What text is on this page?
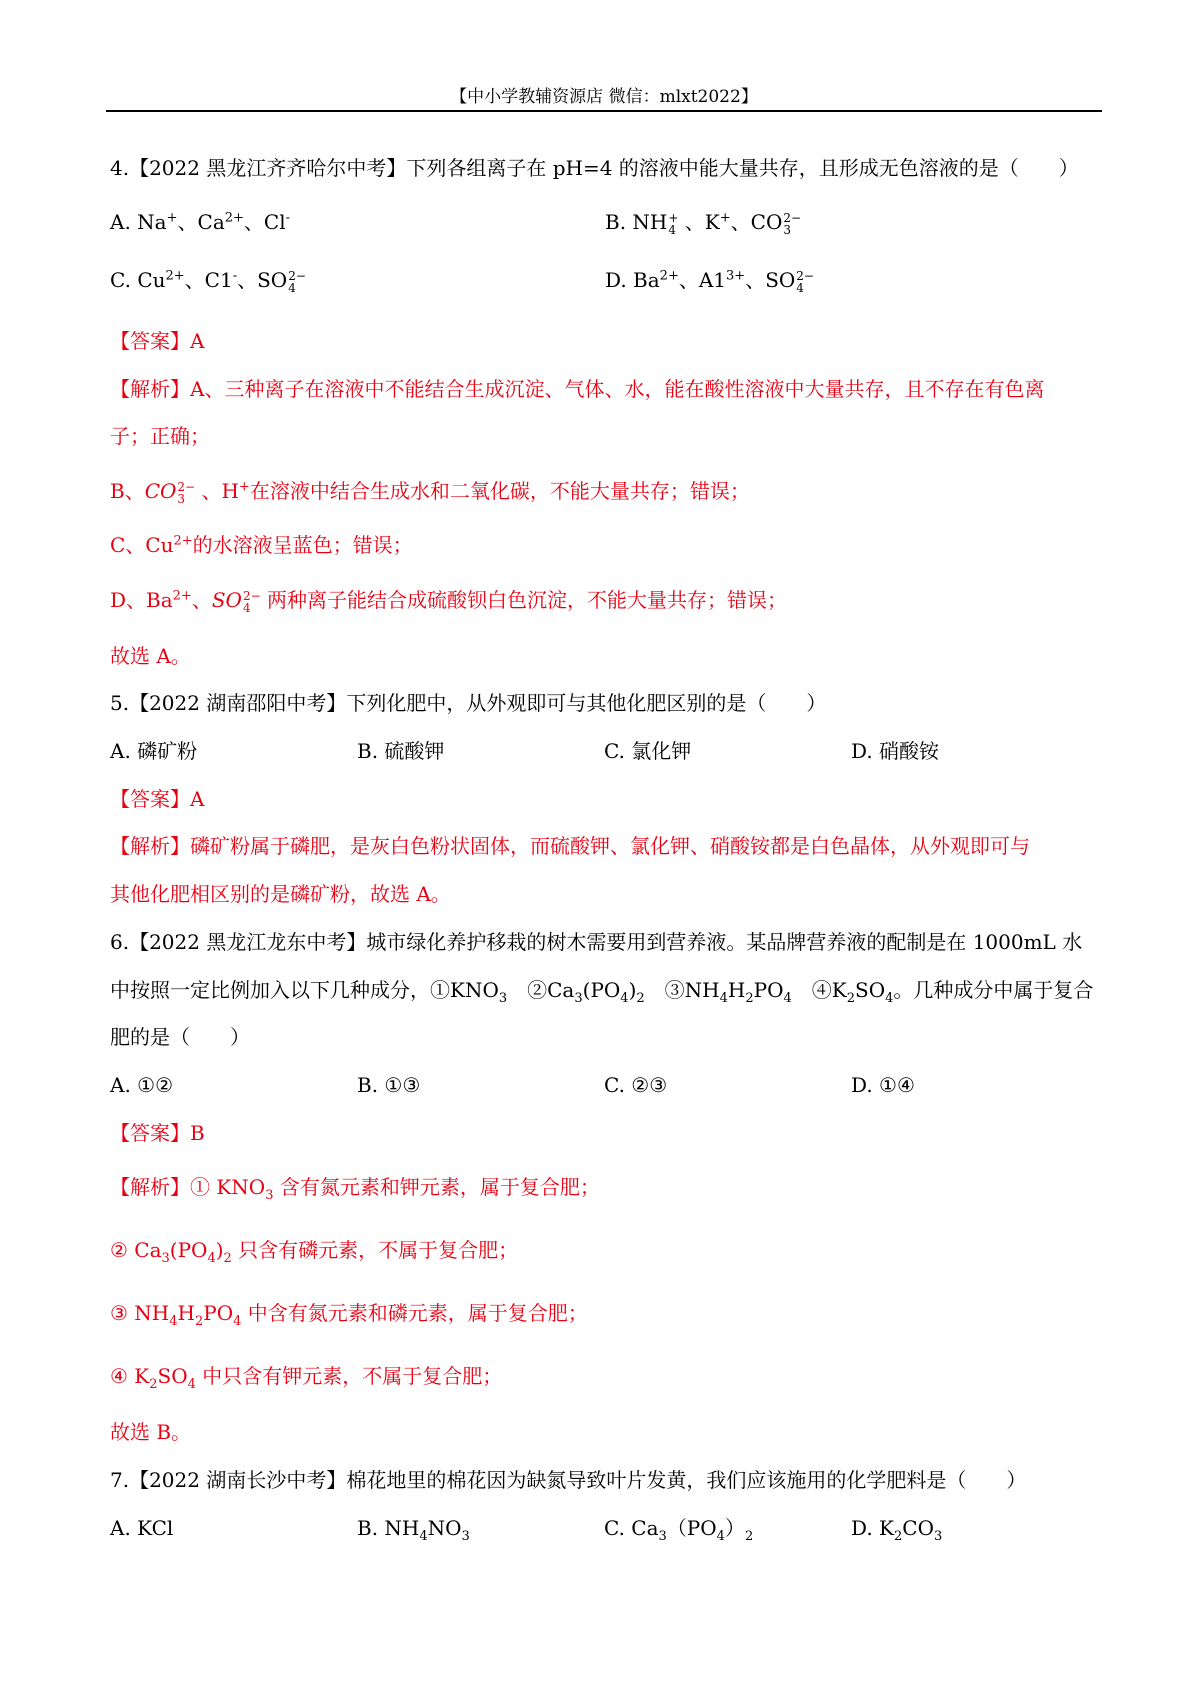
【中小学教辅资源店 微信：mlxt2022】
4.【2022 黑龙江齐齐哈尔中考】下列各组离子在 pH=4 的溶液中能大量共存，且形成无色溶液的是（　　）
A. Na+、$Ca^{2+}$、Cl-	B. NH +
4 、K+、CO 2−
3
C. $Cu^{2+}$、C1-、SO 2−
4	D. $Ba^{2+}$、$A1^{3+}$、SO 2−
4
【答案】A
【解析】A、三种离子在溶液中不能结合生成沉淀、气体、水，能在酸性溶液中大量共存，且不存在有色离
子；正确；
B、CO 2−
3 、H+在溶液中结合生成水和二氧化碳，不能大量共存；错误；
C、$Cu^{2+}$的水溶液呈蓝色；错误；
D、$Ba^{2+}$、SO 2−
4 两种离子能结合成硫酸钡白色沉淀，不能大量共存；错误；
故选 A。
5.【2022 湖南邵阳中考】下列化肥中，从外观即可与其他化肥区别的是（　　）
A. 磷矿粉	B. 硫酸钾	C. 氯化钾	D. 硝酸铵
【答案】A
【解析】磷矿粉属于磷肥，是灰白色粉状固体，而硫酸钾、氯化钾、硝酸铵都是白色晶体，从外观即可与
其他化肥相区别的是磷矿粉，故选 A。
6.【2022 黑龙江龙东中考】城市绿化养护移栽的树木需要用到营养液。某品牌营养液的配制是在 1000mL 水
中按照一定比例加入以下几种成分，$①KNO_3$　$②Ca_3(PO_4)_2$　$③NH_4H_2PO_4$　$④K_2SO_4$。几种成分中属于复合
肥的是（　　）
A. ①②	B. ①③	C. ②③	D. ①④
【答案】B
【解析】① $KNO_3$ 含有氮元素和钾元素，属于复合肥；
② $Ca_3(PO_4)_2$ 只含有磷元素，不属于复合肥；
③ $NH_4H_2PO_4$ 中含有氮元素和磷元素，属于复合肥；
④ $K_2SO_4$ 中只含有钾元素，不属于复合肥；
故选 B。
7.【2022 湖南长沙中考】棉花地里的棉花因为缺氮导致叶片发黄，我们应该施用的化学肥料是（　　）
A. KCl	B. $NH_4NO_3$	C. $Ca_3(PO_4)_2$	D. $K_2CO_3$
